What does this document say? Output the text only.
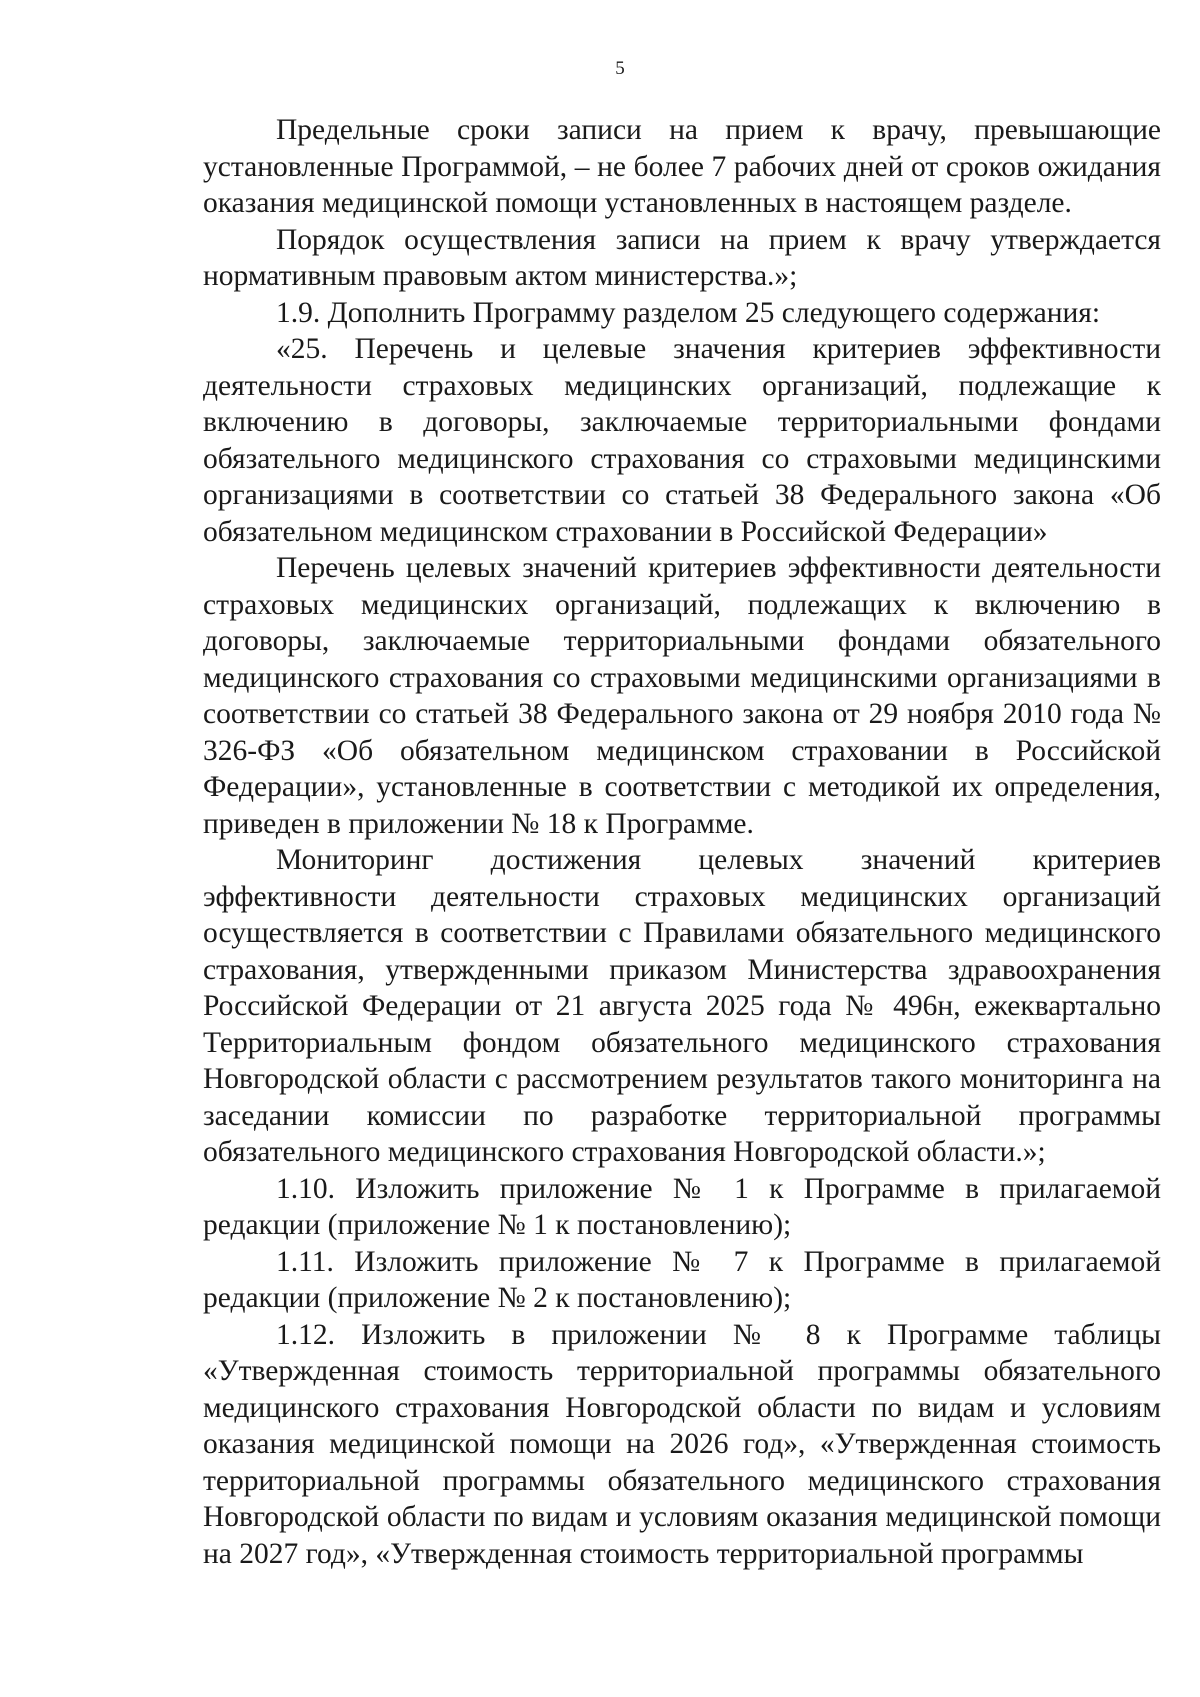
5

Предельные сроки записи на прием к врачу, превышающие установленные Программой, – не более 7 рабочих дней от сроков ожидания оказания медицинской помощи установленных в настоящем разделе.

Порядок осуществления записи на прием к врачу утверждается нормативным правовым актом министерства.»;

1.9. Дополнить Программу разделом 25 следующего содержания:

«25. Перечень и целевые значения критериев эффективности деятельности страховых медицинских организаций, подлежащие к включению в договоры, заключаемые территориальными фондами обязательного медицинского страхования со страховыми медицинскими организациями в соответствии со статьей 38 Федерального закона «Об обязательном медицинском страховании в Российской Федерации»

Перечень целевых значений критериев эффективности деятельности страховых медицинских организаций, подлежащих к включению в договоры, заключаемые территориальными фондами обязательного медицинского страхования со страховыми медицинскими организациями в соответствии со статьей 38 Федерального закона от 29 ноября 2010 года № 326-ФЗ «Об обязательном медицинском страховании в Российской Федерации», установленные в соответствии с методикой их определения, приведен в приложении № 18 к Программе.

Мониторинг достижения целевых значений критериев эффективности деятельности страховых медицинских организаций осуществляется в соответствии с Правилами обязательного медицинского страхования, утвержденными приказом Министерства здравоохранения Российской Федерации от 21 августа 2025 года № 496н, ежеквартально Территориальным фондом обязательного медицинского страхования Новгородской области с рассмотрением результатов такого мониторинга на заседании комиссии по разработке территориальной программы обязательного медицинского страхования Новгородской области.»;

1.10. Изложить приложение № 1 к Программе в прилагаемой редакции (приложение № 1 к постановлению);

1.11. Изложить приложение № 7 к Программе в прилагаемой редакции (приложение № 2 к постановлению);

1.12. Изложить в приложении № 8 к Программе таблицы «Утвержденная стоимость территориальной программы обязательного медицинского страхования Новгородской области по видам и условиям оказания медицинской помощи на 2026 год», «Утвержденная стоимость территориальной программы обязательного медицинского страхования Новгородской области по видам и условиям оказания медицинской помощи на 2027 год», «Утвержденная стоимость территориальной программы
